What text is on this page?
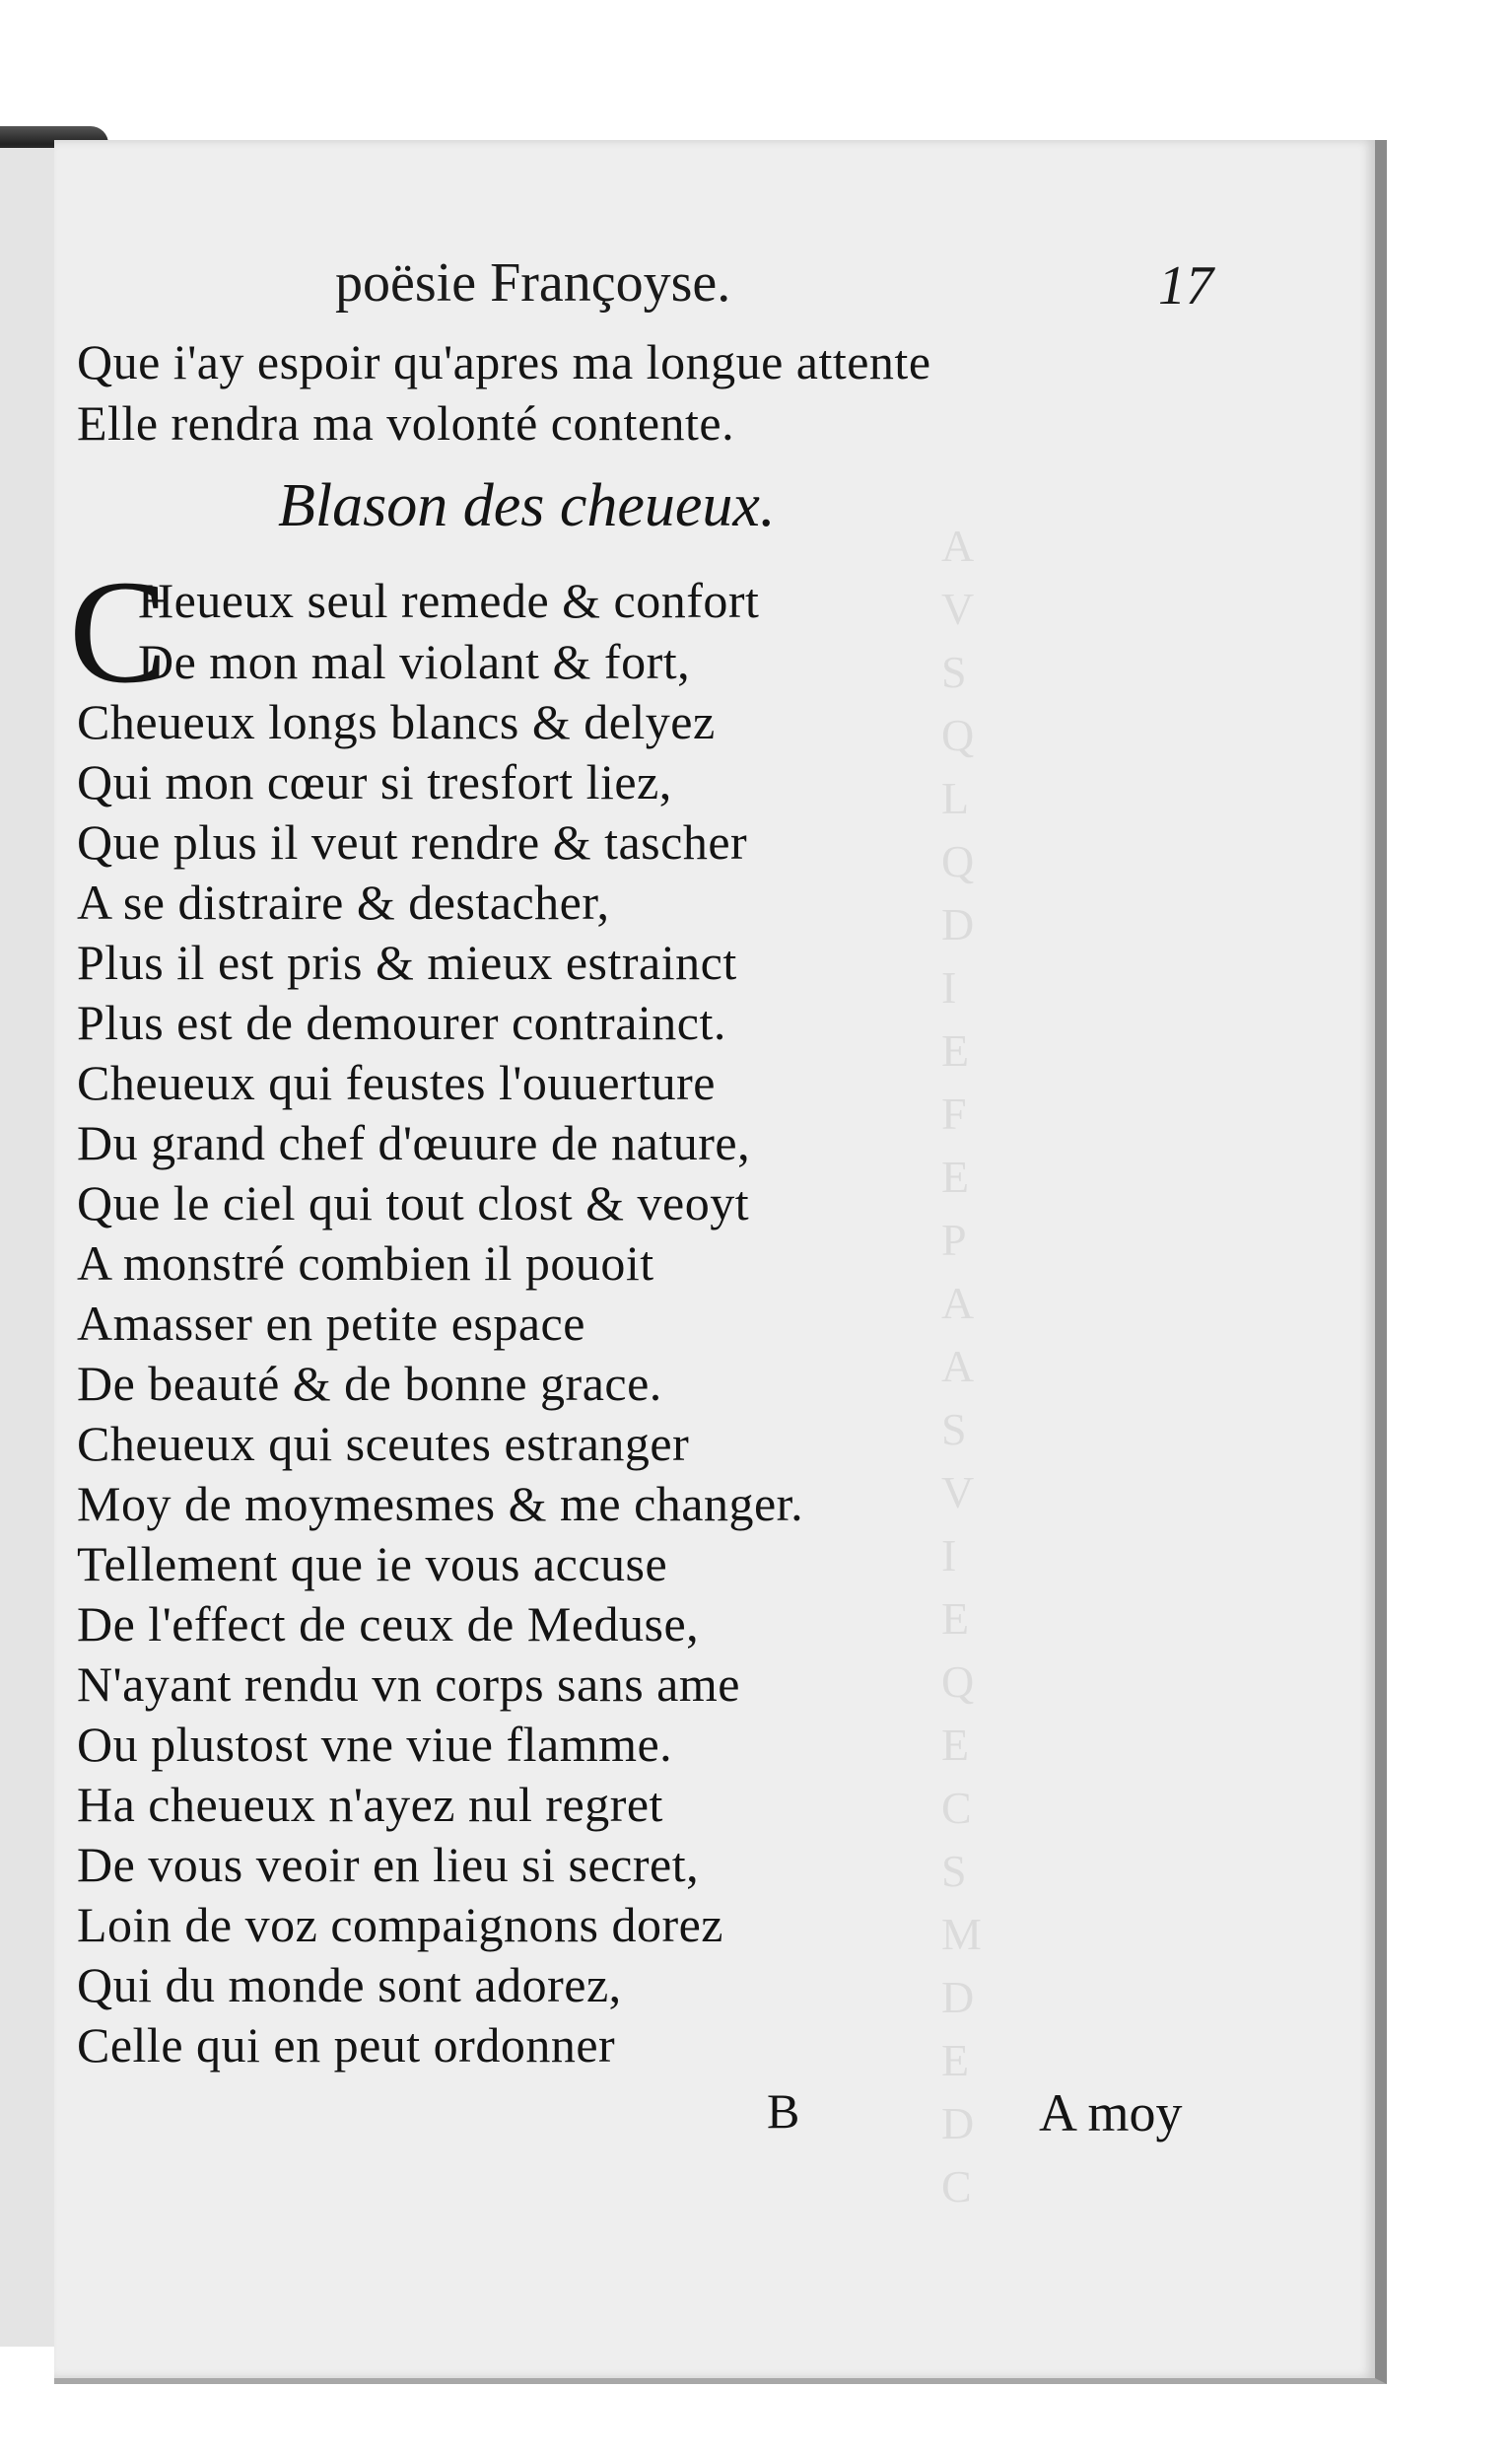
A
V
S
Q
L
Q
D
I
E
F
E
P
A
A
S
V
I
E
Q
E
C
S
M
D
E
D
C
poësie Françoyse.	17
Que i'ay espoir qu'apres ma longue attente
Elle rendra ma volonté contente.
Blason des cheueux.
C
Heueux seul remede & confort
De mon mal violant & fort,
Cheueux longs blancs & delyez
Qui mon cœur si tresfort liez,
Que plus il veut rendre & tascher
A se distraire & destacher,
Plus il est pris & mieux estrainct
Plus est de demourer contrainct.
Cheueux qui feustes l'ouuerture
Du grand chef d'œuure de nature,
Que le ciel qui tout clost & veoyt
A monstré combien il pouoit
Amasser en petite espace
De beauté & de bonne grace.
Cheueux qui sceutes estranger
Moy de moymesmes & me changer.
Tellement que ie vous accuse
De l'effect de ceux de Meduse,
N'ayant rendu vn corps sans ame
Ou plustost vne viue flamme.
Ha cheueux n'ayez nul regret
De vous veoir en lieu si secret,
Loin de voz compaignons dorez
Qui du monde sont adorez,
Celle qui en peut ordonner
B	A moy
